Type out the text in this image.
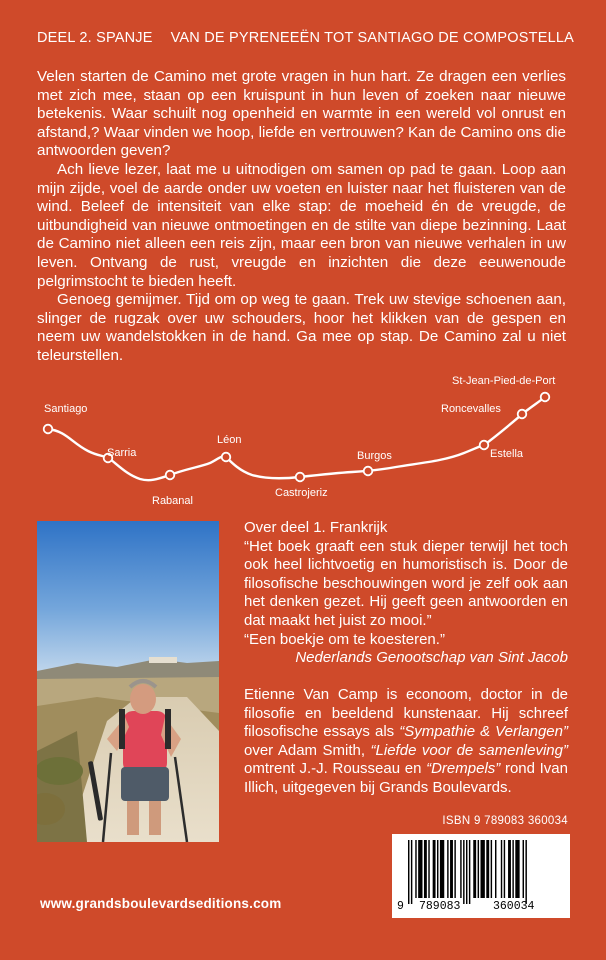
DEEL 2. SPANJE VAN DE PYRENEEËN TOT SANTIAGO DE COMPOSTELLA

Velen starten de Camino met grote vragen in hun hart. Ze dragen een verlies met zich mee, staan op een kruispunt in hun leven of zoeken naar nieuwe betekenis. Waar schuilt nog openheid en warmte in een wereld vol onrust en afstand,? Waar vinden we hoop, liefde en vertrouwen? Kan de Camino ons die antwoorden geven?

Ach lieve lezer, laat me u uitnodigen om samen op pad te gaan. Loop aan mijn zijde, voel de aarde onder uw voeten en luister naar het fluisteren van de wind. Beleef de intensiteit van elke stap: de moeheid én de vreugde, de uitbundigheid van nieuwe ontmoetingen en de stilte van diepe bezinning. Laat de Camino niet alleen een reis zijn, maar een bron van nieuwe verhalen in uw leven. Ontvang de rust, vreugde en inzichten die deze eeuwenoude pelgrimstocht te bieden heeft.

Genoeg gemijmer. Tijd om op weg te gaan. Trek uw stevige schoenen aan, slinger de rugzak over uw schouders, hoor het klikken van de gespen en neem uw wandelstokken in de hand. Ga mee op stap. De Camino zal u niet teleurstellen.

Santiago
Sarria
Rabanal
Léon
Castrojeriz
Burgos	Estella
Roncevalles
St-Jean-Pied-de-Port

Over deel 1. Frankrijk

“Het boek graaft een stuk dieper terwijl het toch ook heel lichtvoetig en humoristisch is. Door de filosofische beschouwingen word je zelf ook aan het denken gezet. Hij geeft geen antwoorden en dat maakt het juist zo mooi.”

“Een boekje om te koesteren.”

Nederlands Genootschap van Sint Jacob

Etienne Van Camp is econoom, doctor in de filosofie en beeldend kunstenaar. Hij schreef filosofische essays als “Sympathie & Verlangen” over Adam Smith, “Liefde voor de samenleving” omtrent J.-J. Rousseau en “Drempels” rond Ivan Illich, uitgegeven bij Grands Boulevards.

ISBN 9 789083 360034
9 789083	360034
www.grandsboulevardseditions.com
